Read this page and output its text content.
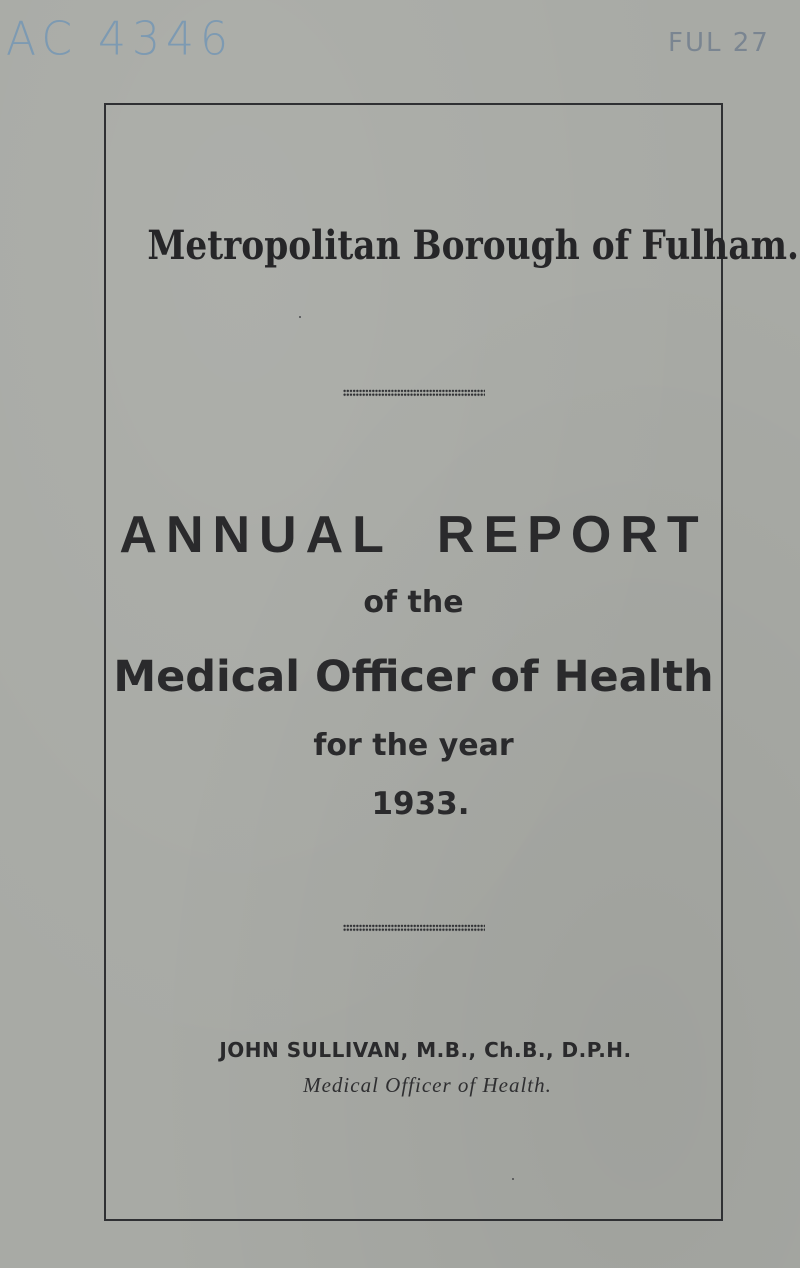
AC 4346	FUL 27
Metropolitan Borough of Fulham.
ANNUAL REPORT
of the
Medical Officer of Health
for the year
1933.
JOHN SULLIVAN, M.B., Ch.B., D.P.H.
Medical Officer of Health.
